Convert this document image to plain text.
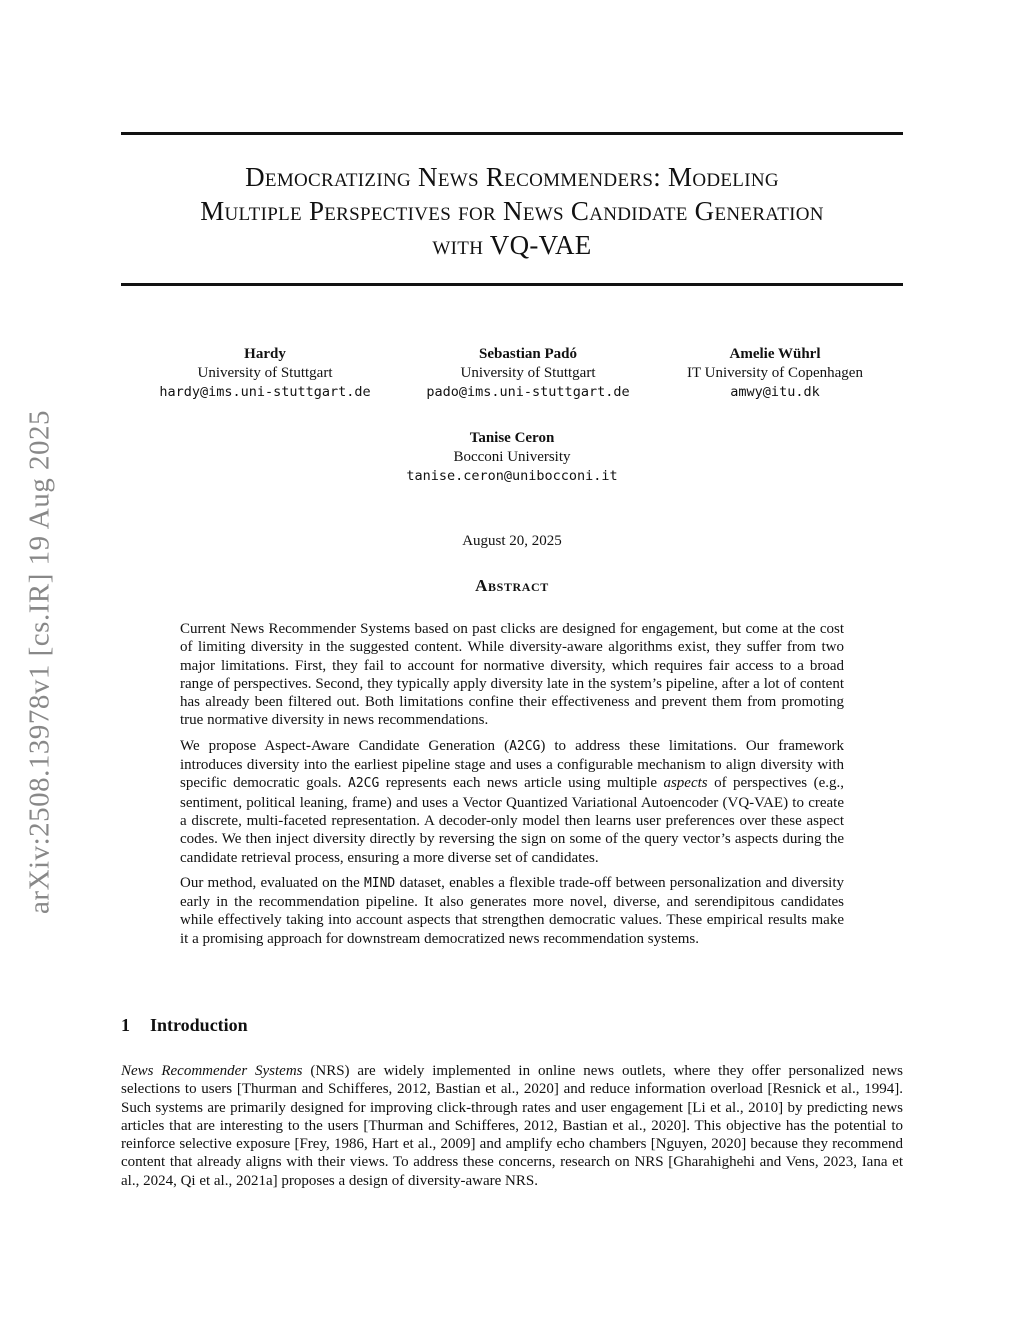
arXiv:2508.13978v1 [cs.IR] 19 Aug 2025
Democratizing News Recommenders: Modeling
Multiple Perspectives for News Candidate Generation
with VQ-VAE
Hardy
University of Stuttgart
hardy@ims.uni-stuttgart.de
Sebastian Padó
University of Stuttgart
pado@ims.uni-stuttgart.de
Amelie Wührl
IT University of Copenhagen
amwy@itu.dk
Tanise Ceron
Bocconi University
tanise.ceron@unibocconi.it
August 20, 2025
Abstract

Current News Recommender Systems based on past clicks are designed for engagement, but come at the cost of limiting diversity in the suggested content. While diversity-aware algorithms exist, they suffer from two major limitations. First, they fail to account for normative diversity, which requires fair access to a broad range of perspectives. Second, they typically apply diversity late in the system’s pipeline, after a lot of content has already been filtered out. Both limitations confine their effectiveness and prevent them from promoting true normative diversity in news recommendations.

We propose Aspect-Aware Candidate Generation (A2CG) to address these limitations. Our framework introduces diversity into the earliest pipeline stage and uses a configurable mechanism to align diversity with specific democratic goals. A2CG represents each news article using multiple aspects of perspectives (e.g., sentiment, political leaning, frame) and uses a Vector Quantized Variational Autoencoder (VQ-VAE) to create a discrete, multi-faceted representation. A decoder-only model then learns user preferences over these aspect codes. We then inject diversity directly by reversing the sign on some of the query vector’s aspects during the candidate retrieval process, ensuring a more diverse set of candidates.

Our method, evaluated on the MIND dataset, enables a flexible trade-off between personalization and diversity early in the recommendation pipeline. It also generates more novel, diverse, and serendipitous candidates while effectively taking into account aspects that strengthen democratic values. These empirical results make it a promising approach for downstream democratized news recommendation systems.

1 Introduction

News Recommender Systems (NRS) are widely implemented in online news outlets, where they offer personalized news selections to users [Thurman and Schifferes, 2012, Bastian et al., 2020] and reduce information overload [Resnick et al., 1994]. Such systems are primarily designed for improving click-through rates and user engagement [Li et al., 2010] by predicting news articles that are interesting to the users [Thurman and Schifferes, 2012, Bastian et al., 2020]. This objective has the potential to reinforce selective exposure [Frey, 1986, Hart et al., 2009] and amplify echo chambers [Nguyen, 2020] because they recommend content that already aligns with their views. To address these concerns, research on NRS [Gharahighehi and Vens, 2023, Iana et al., 2024, Qi et al., 2021a] proposes a design of diversity-aware NRS.
